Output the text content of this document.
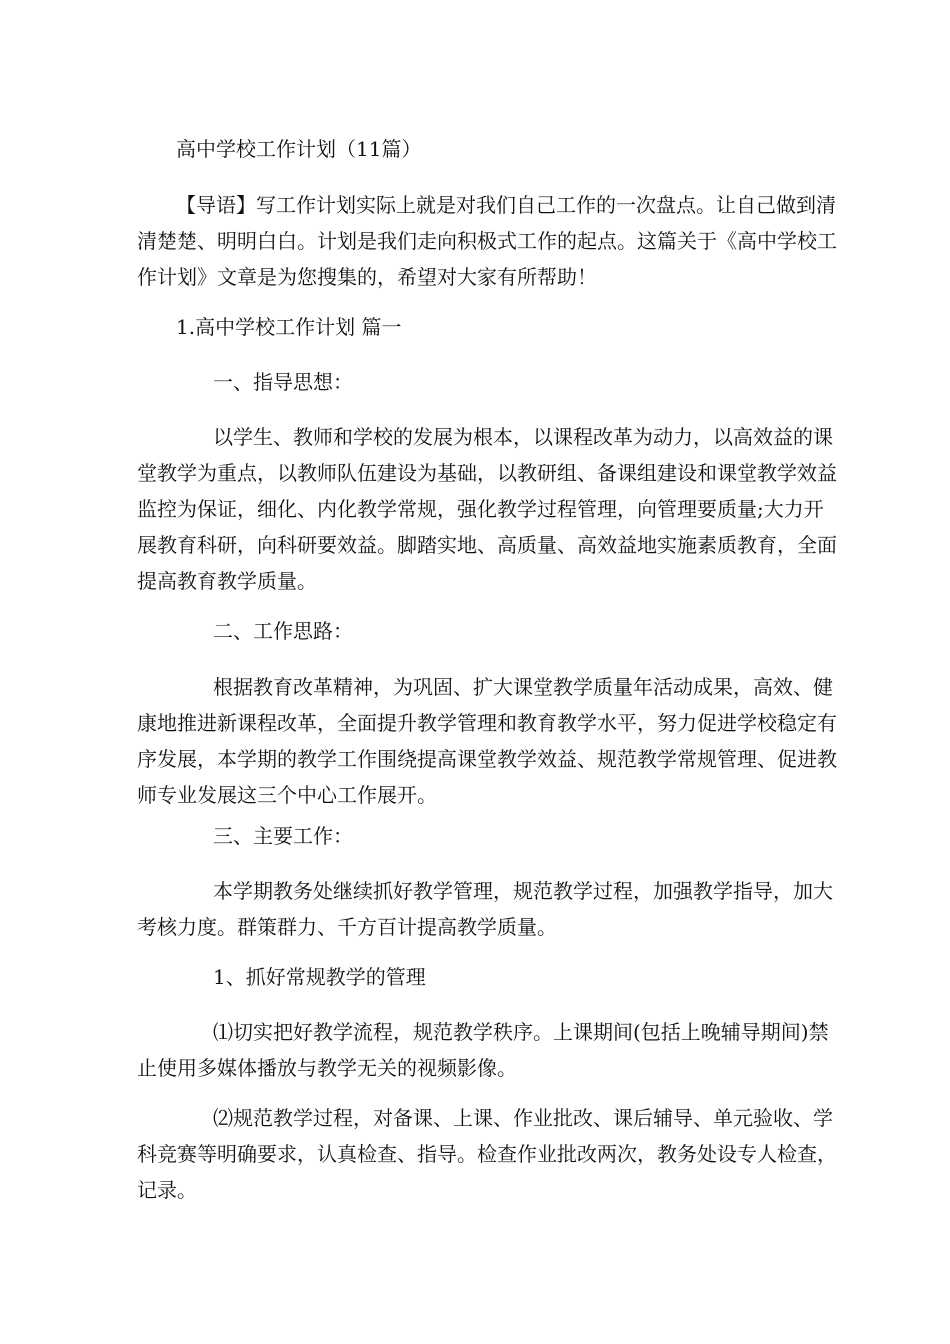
高中学校工作计划（11篇）
【导语】写工作计划实际上就是对我们自己工作的一次盘点。让自己做到清
清楚楚、明明白白。计划是我们走向积极式工作的起点。这篇关于《高中学校工
作计划》文章是为您搜集的，希望对大家有所帮助！
1.高中学校工作计划 篇一
一、指导思想：
以学生、教师和学校的发展为根本，以课程改革为动力，以高效益的课
堂教学为重点，以教师队伍建设为基础，以教研组、备课组建设和课堂教学效益
监控为保证，细化、内化教学常规，强化教学过程管理，向管理要质量;大力开
展教育科研，向科研要效益。脚踏实地、高质量、高效益地实施素质教育，全面
提高教育教学质量。
二、工作思路：
根据教育改革精神，为巩固、扩大课堂教学质量年活动成果，高效、健
康地推进新课程改革，全面提升教学管理和教育教学水平，努力促进学校稳定有
序发展，本学期的教学工作围绕提高课堂教学效益、规范教学常规管理、促进教
师专业发展这三个中心工作展开。
三、主要工作：
本学期教务处继续抓好教学管理，规范教学过程，加强教学指导，加大
考核力度。群策群力、千方百计提高教学质量。
1、抓好常规教学的管理
⑴切实把好教学流程，规范教学秩序。上课期间(包括上晚辅导期间)禁
止使用多媒体播放与教学无关的视频影像。
⑵规范教学过程，对备课、上课、作业批改、课后辅导、单元验收、学
科竞赛等明确要求，认真检查、指导。检查作业批改两次，教务处设专人检查，
记录。
